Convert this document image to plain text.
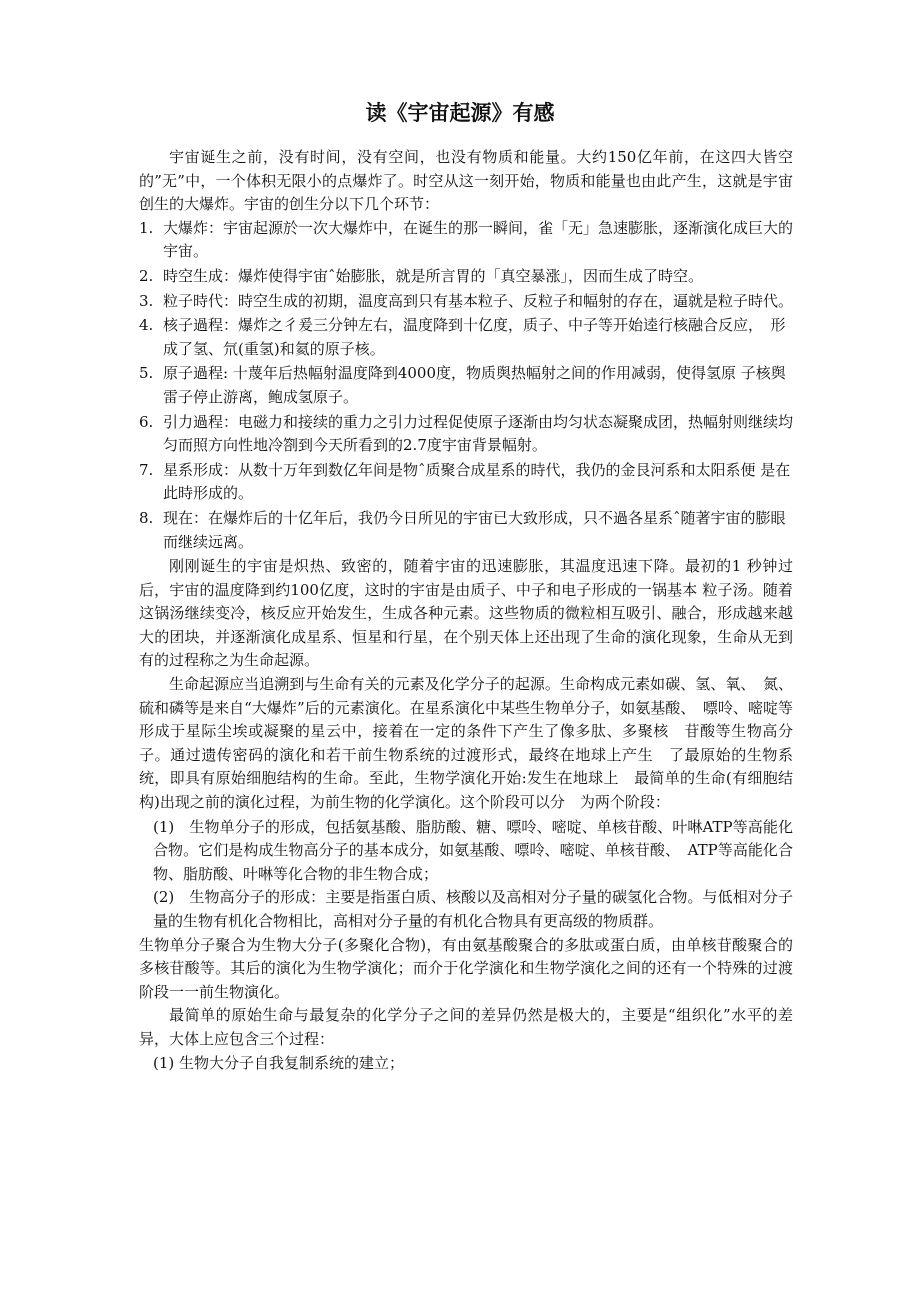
读《宇宙起源》有感

宇宙诞生之前，没有时间，没有空间，也没有物质和能量。大约150亿年前，在这四大皆空的”无”中，一个体积无限小的点爆炸了。时空从这一刻开始，物质和能量也由此产生，这就是宇宙创生的大爆炸。宇宙的创生分以下几个环节：

1. 大爆炸：宇宙起源於一次大爆炸中，在诞生的那一瞬间，雀「无」急速膨胀，逐渐演化成巨大的宇宙。
2. 時空生成：爆炸使得宇宙ˆ始膨胀，就是所言胃的「真空暴涨」，因而生成了時空。
3. 粒子時代：時空生成的初期，温度高到只有基本粒子、反粒子和幅射的存在，逼就是粒子時代。
4. 核子過程：爆炸之彳爰三分钟左右，温度降到十亿度，质子、中子等开始逵行核融合反应，　形成了氢、氘(重氢)和氦的原子核。
5. 原子過程: 十蔑年后热幅射温度降到4000度，物质舆热幅射之间的作用减弱，使得氢原 子核舆雷子停止游离，鲍成氢原子。
6. 引力過程：电磁力和接续的重力之引力过程促使原子逐渐由均匀状态凝聚成团，热幅射则继续均匀而照方向性地冷劄到今天所看到的2.7度宇宙背景幅射。
7. 星系形成：从数十万年到数亿年间是物ˆ质聚合成星系的時代，我仍的金艮河系和太阳系便 是在此時形成的。
8. 现在：在爆炸后的十亿年后，我仍今日所见的宇宙已大致形成，只不過各星系ˆ随著宇宙的膨眼而继续远离。

刚刚诞生的宇宙是炽热、致密的，随着宇宙的迅速膨胀，其温度迅速下降。最初的1 秒钟过后，宇宙的温度降到约100亿度，这时的宇宙是由质子、中子和电子形成的一锅基本 粒子汤。随着这锅汤继续变冷，核反应开始发生，生成各种元素。这些物质的微粒相互吸引、融合，形成越来越大的团块，并逐渐演化成星系、恒星和行星，在个别天体上还出现了生命的演化现象，生命从无到有的过程称之为生命起源。

生命起源应当追溯到与生命有关的元素及化学分子的起源。生命构成元素如碳、氢、氧、　氮、硫和磷等是来自“大爆炸”后的元素演化。在星系演化中某些生物单分子，如氨基酸、　嘌呤、嘧啶等形成于星际尘埃或凝聚的星云中，接着在一定的条件下产生了像多肽、多聚核　苷酸等生物高分子。通过遗传密码的演化和若干前生物系统的过渡形式，最终在地球上产生　了最原始的生物系统，即具有原始细胞结构的生命。至此，生物学演化开始:发生在地球上　最简单的生命(有细胞结构)出现之前的演化过程，为前生物的化学演化。这个阶段可以分　为两个阶段：

(1)　生物单分子的形成，包括氨基酸、脂肪酸、糖、嘌呤、嘧啶、单核苷酸、叶啉ATP等高能化合物。它们是构成生物高分子的基本成分，如氨基酸、嘌呤、嘧啶、单核苷酸、　ATP等高能化合物、脂肪酸、叶啉等化合物的非生物合成；

(2)　生物高分子的形成：主要是指蛋白质、核酸以及高相对分子量的碳氢化合物。与低相对分子量的生物有机化合物相比，高相对分子量的有机化合物具有更高级的物质群。

生物单分子聚合为生物大分子(多聚化合物)，有由氨基酸聚合的多肽或蛋白质，由单核苷酸聚合的多核苷酸等。其后的演化为生物学演化；而介于化学演化和生物学演化之间的还有一个特殊的过渡阶段一一前生物演化。

最简单的原始生命与最复杂的化学分子之间的差异仍然是极大的，主要是“组织化”水平的差异，大体上应包含三个过程：

(1) 生物大分子自我复制系统的建立；
